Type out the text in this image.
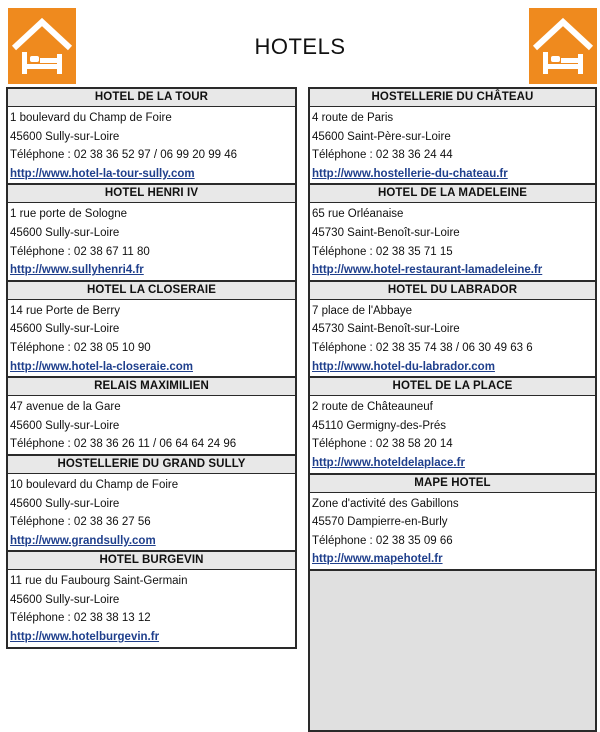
HOTELS
HOTEL DE LA TOUR
1 boulevard du Champ de Foire
45600 Sully-sur-Loire
Téléphone : 02 38 36 52 97 / 06 99 20 99 46
http://www.hotel-la-tour-sully.com
HOTEL HENRI IV
1 rue porte de Sologne
45600 Sully-sur-Loire
Téléphone : 02 38 67 11 80
http://www.sullyhenri4.fr
HOTEL LA CLOSERAIE
14 rue Porte de Berry
45600 Sully-sur-Loire
Téléphone : 02 38 05 10 90
http://www.hotel-la-closeraie.com
RELAIS MAXIMILIEN
47 avenue de la Gare
45600 Sully-sur-Loire
Téléphone : 02 38 36 26 11 / 06 64 64 24 96
HOSTELLERIE DU GRAND SULLY
10 boulevard du Champ de Foire
45600 Sully-sur-Loire
Téléphone : 02 38 36 27 56
http://www.grandsully.com
HOTEL BURGEVIN
11 rue du Faubourg Saint-Germain
45600 Sully-sur-Loire
Téléphone : 02 38 38 13 12
http://www.hotelburgevin.fr
HOSTELLERIE DU CHÂTEAU
4 route de Paris
45600 Saint-Père-sur-Loire
Téléphone : 02 38 36 24 44
http://www.hostellerie-du-chateau.fr
HOTEL DE LA MADELEINE
65 rue Orléanaise
45730 Saint-Benoît-sur-Loire
Téléphone : 02 38 35 71 15
http://www.hotel-restaurant-lamadeleine.fr
HOTEL DU LABRADOR
7 place de l'Abbaye
45730 Saint-Benoît-sur-Loire
Téléphone : 02 38 35 74 38 / 06 30 49 63 6
http://www.hotel-du-labrador.com
HOTEL DE LA PLACE
2 route de Châteauneuf
45110 Germigny-des-Prés
Téléphone : 02 38 58 20 14
http://www.hoteldelaplace.fr
MAPE HOTEL
Zone d'activité des Gabillons
45570 Dampierre-en-Burly
Téléphone : 02 38 35 09 66
http://www.mapehotel.fr
